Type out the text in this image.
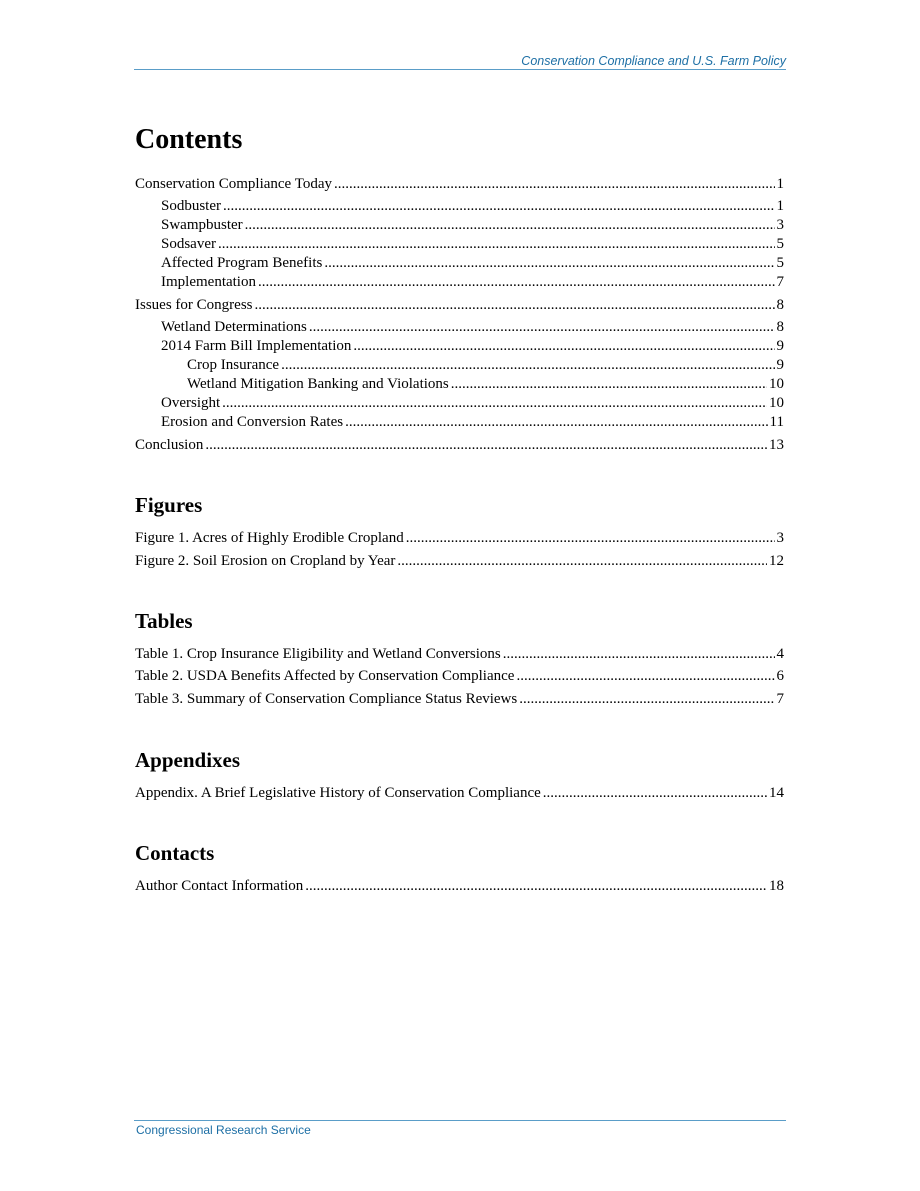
Conservation Compliance and U.S. Farm Policy
Contents
Conservation Compliance Today .....	1
Sodbuster .....	1
Swampbuster .....	3
Sodsaver .....	5
Affected Program Benefits .....	5
Implementation .....	7
Issues for Congress .....	8
Wetland Determinations .....	8
2014 Farm Bill Implementation .....	9
Crop Insurance .....	9
Wetland Mitigation Banking and Violations .....	10
Oversight .....	10
Erosion and Conversion Rates .....	11
Conclusion .....	13
Figures
Figure 1. Acres of Highly Erodible Cropland .....	3
Figure 2. Soil Erosion on Cropland by Year .....	12
Tables
Table 1. Crop Insurance Eligibility and Wetland Conversions .....	4
Table 2. USDA Benefits Affected by Conservation Compliance .....	6
Table 3. Summary of Conservation Compliance Status Reviews .....	7
Appendixes
Appendix. A Brief Legislative History of Conservation Compliance .....	14
Contacts
Author Contact Information .....	18
Congressional Research Service
